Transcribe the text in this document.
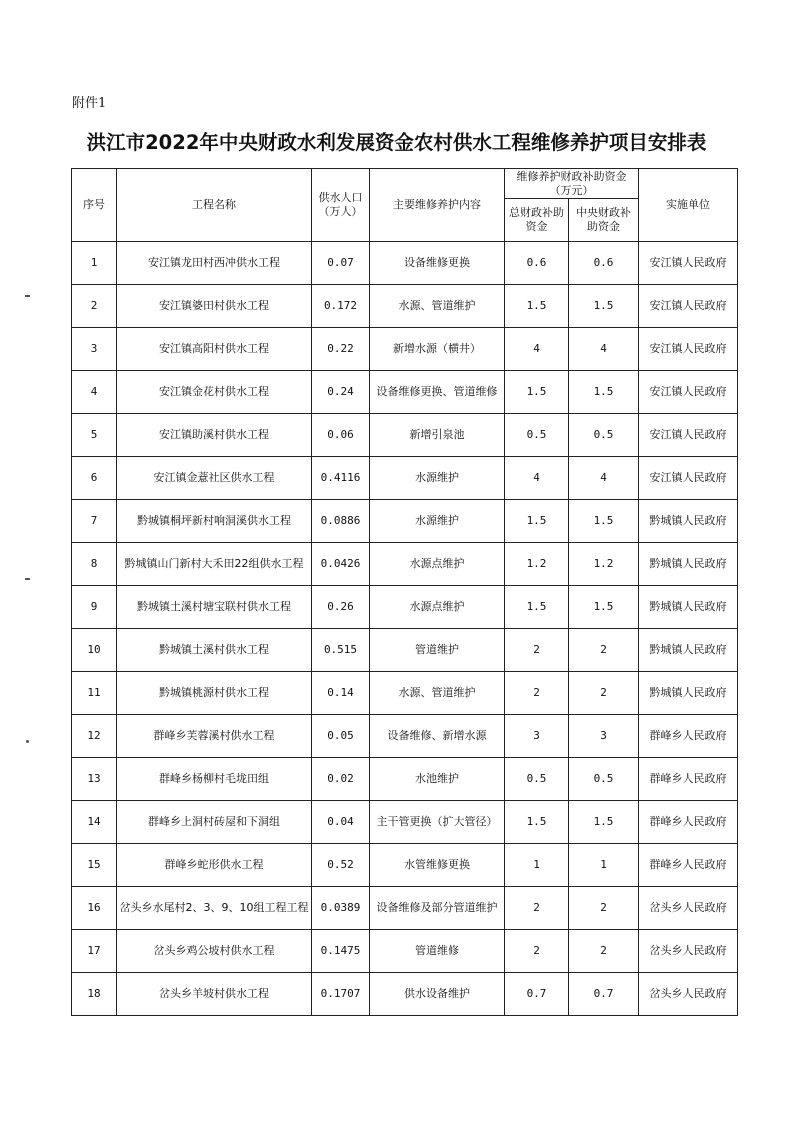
附件1
洪江市2022年中央财政水利发展资金农村供水工程维修养护项目安排表
序号	工程名称	供水人口（万人）	主要维修养护内容	维修养护财政补助资金（万元）		实施单位
				总财政补助资金	中央财政补助资金	
1	安江镇龙田村西冲供水工程	0.07	设备维修更换	0.6	0.6	安江镇人民政府
2	安江镇婆田村供水工程	0.172	水源、管道维护	1.5	1.5	安江镇人民政府
3	安江镇高阳村供水工程	0.22	新增水源（横井）	4	4	安江镇人民政府
4	安江镇金花村供水工程	0.24	设备维修更换、管道维修	1.5	1.5	安江镇人民政府
5	安江镇助溪村供水工程	0.06	新增引泉池	0.5	0.5	安江镇人民政府
6	安江镇金薏社区供水工程	0.4116	水源维护	4	4	安江镇人民政府
7	黔城镇桐坪新村响洞溪供水工程	0.0886	水源维护	1.5	1.5	黔城镇人民政府
8	黔城镇山门新村大禾田22组供水工程	0.0426	水源点维护	1.2	1.2	黔城镇人民政府
9	黔城镇土溪村塘宝联村供水工程	0.26	水源点维护	1.5	1.5	黔城镇人民政府
10	黔城镇土溪村供水工程	0.515	管道维护	2	2	黔城镇人民政府
11	黔城镇桃源村供水工程	0.14	水源、管道维护	2	2	黔城镇人民政府
12	群峰乡芙蓉溪村供水工程	0.05	设备维修、新增水源	3	3	群峰乡人民政府
13	群峰乡杨柳村毛垅田组	0.02	水池维护	0.5	0.5	群峰乡人民政府
14	群峰乡上洞村砖屋和下洞组	0.04	主干管更换（扩大管径）	1.5	1.5	群峰乡人民政府
15	群峰乡蛇形供水工程	0.52	水管维修更换	1	1	群峰乡人民政府
16	岔头乡水尾村2、3、9、10组工程工程	0.0389	设备维修及部分管道维护	2	2	岔头乡人民政府
17	岔头乡鸡公坡村供水工程	0.1475	管道维修	2	2	岔头乡人民政府
18	岔头乡羊坡村供水工程	0.1707	供水设备维护	0.7	0.7	岔头乡人民政府
